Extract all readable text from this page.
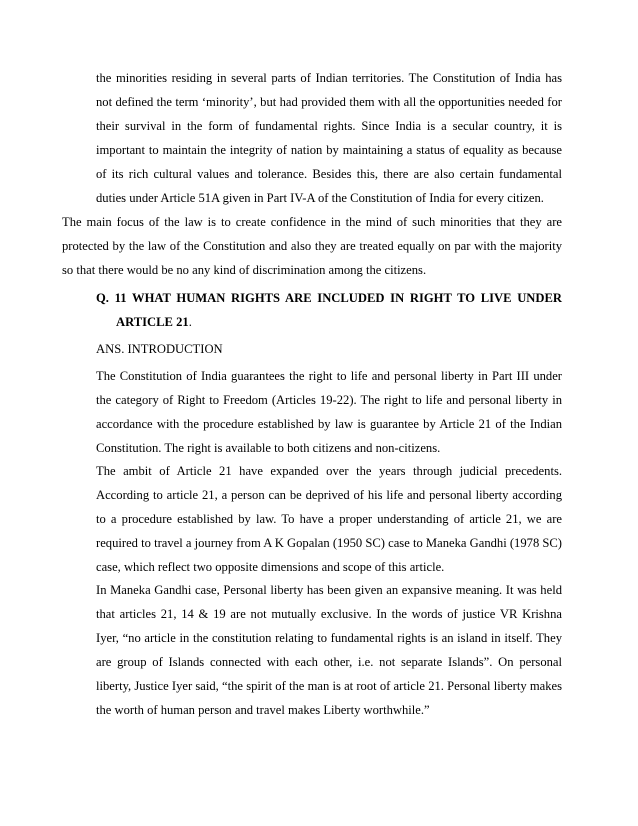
the minorities residing in several parts of Indian territories. The Constitution of India has not defined the term ‘minority’, but had provided them with all the opportunities needed for their survival in the form of fundamental rights. Since India is a secular country, it is important to maintain the integrity of nation by maintaining a status of equality as because of its rich cultural values and tolerance. Besides this, there are also certain fundamental duties under Article 51A given in Part IV-A of the Constitution of India for every citizen.

The main focus of the law is to create confidence in the mind of such minorities that they are protected by the law of the Constitution and also they are treated equally on par with the majority so that there would be no any kind of discrimination among the citizens.

Q. 11 WHAT HUMAN RIGHTS ARE INCLUDED IN RIGHT TO LIVE UNDER
ARTICLE 21.

ANS. INTRODUCTION

The Constitution of India guarantees the right to life and personal liberty in Part III under the category of Right to Freedom (Articles 19-22). The right to life and personal liberty in accordance with the procedure established by law is guarantee by Article 21 of the Indian Constitution. The right is available to both citizens and non-citizens.

The ambit of Article 21 have expanded over the years through judicial precedents. According to article 21, a person can be deprived of his life and personal liberty according to a procedure established by law. To have a proper understanding of article 21, we are required to travel a journey from A K Gopalan (1950 SC) case to Maneka Gandhi (1978 SC) case, which reflect two opposite dimensions and scope of this article.

In Maneka Gandhi case, Personal liberty has been given an expansive meaning. It was held that articles 21, 14 & 19 are not mutually exclusive. In the words of justice VR Krishna Iyer, “no article in the constitution relating to fundamental rights is an island in itself. They are group of Islands connected with each other, i.e. not separate Islands”. On personal liberty, Justice Iyer said, “the spirit of the man is at root of article 21. Personal liberty makes the worth of human person and travel makes Liberty worthwhile.”
